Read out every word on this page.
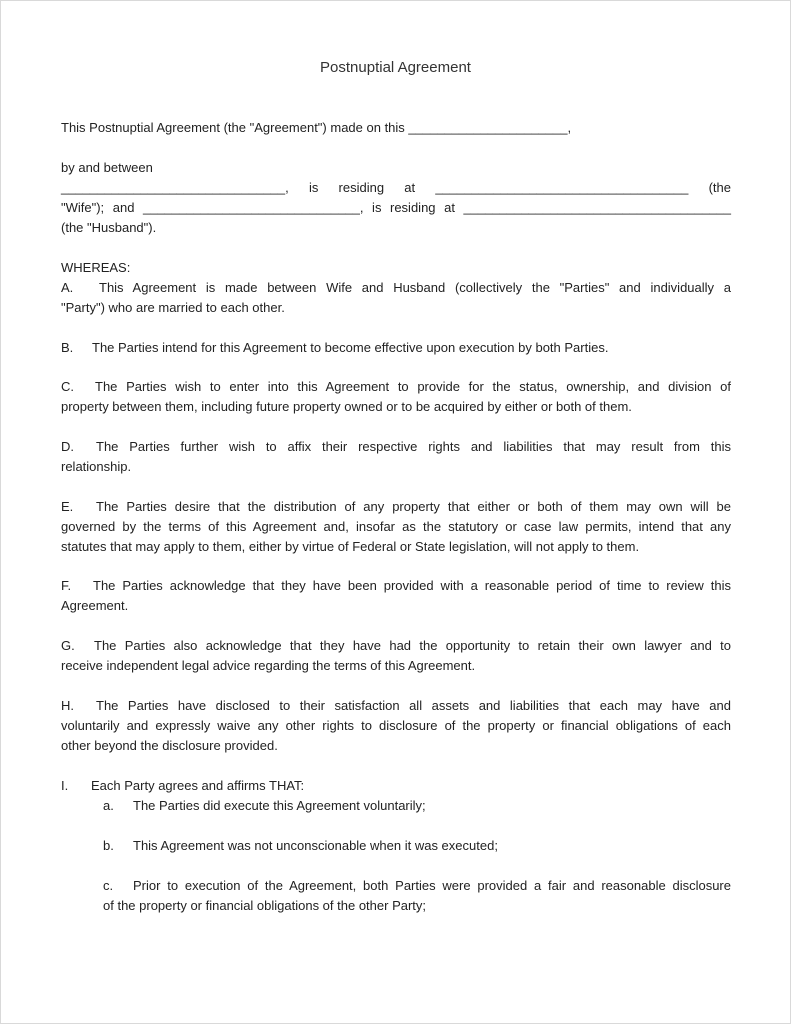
Postnuptial Agreement
This Postnuptial Agreement (the "Agreement") made on this ______________________,
by and between
_______________________________, is residing at ___________________________________ (the
"Wife"); and ______________________________, is residing at _____________________________________
(the "Husband").
WHEREAS:
A. This Agreement is made between Wife and Husband (collectively the "Parties" and individually a
"Party") who are married to each other.
B. The Parties intend for this Agreement to become effective upon execution by both Parties.
C. The Parties wish to enter into this Agreement to provide for the status, ownership, and division of
property between them, including future property owned or to be acquired by either or both of them.
D. The Parties further wish to affix their respective rights and liabilities that may result from this
relationship.
E. The Parties desire that the distribution of any property that either or both of them may own will be
governed by the terms of this Agreement and, insofar as the statutory or case law permits, intend that any
statutes that may apply to them, either by virtue of Federal or State legislation, will not apply to them.
F. The Parties acknowledge that they have been provided with a reasonable period of time to review this
Agreement.
G. The Parties also acknowledge that they have had the opportunity to retain their own lawyer and to
receive independent legal advice regarding the terms of this Agreement.
H. The Parties have disclosed to their satisfaction all assets and liabilities that each may have and
voluntarily and expressly waive any other rights to disclosure of the property or financial obligations of each
other beyond the disclosure provided.
I. Each Party agrees and affirms THAT:
a. The Parties did execute this Agreement voluntarily;
b. This Agreement was not unconscionable when it was executed;
c. Prior to execution of the Agreement, both Parties were provided a fair and reasonable disclosure
of the property or financial obligations of the other Party;
